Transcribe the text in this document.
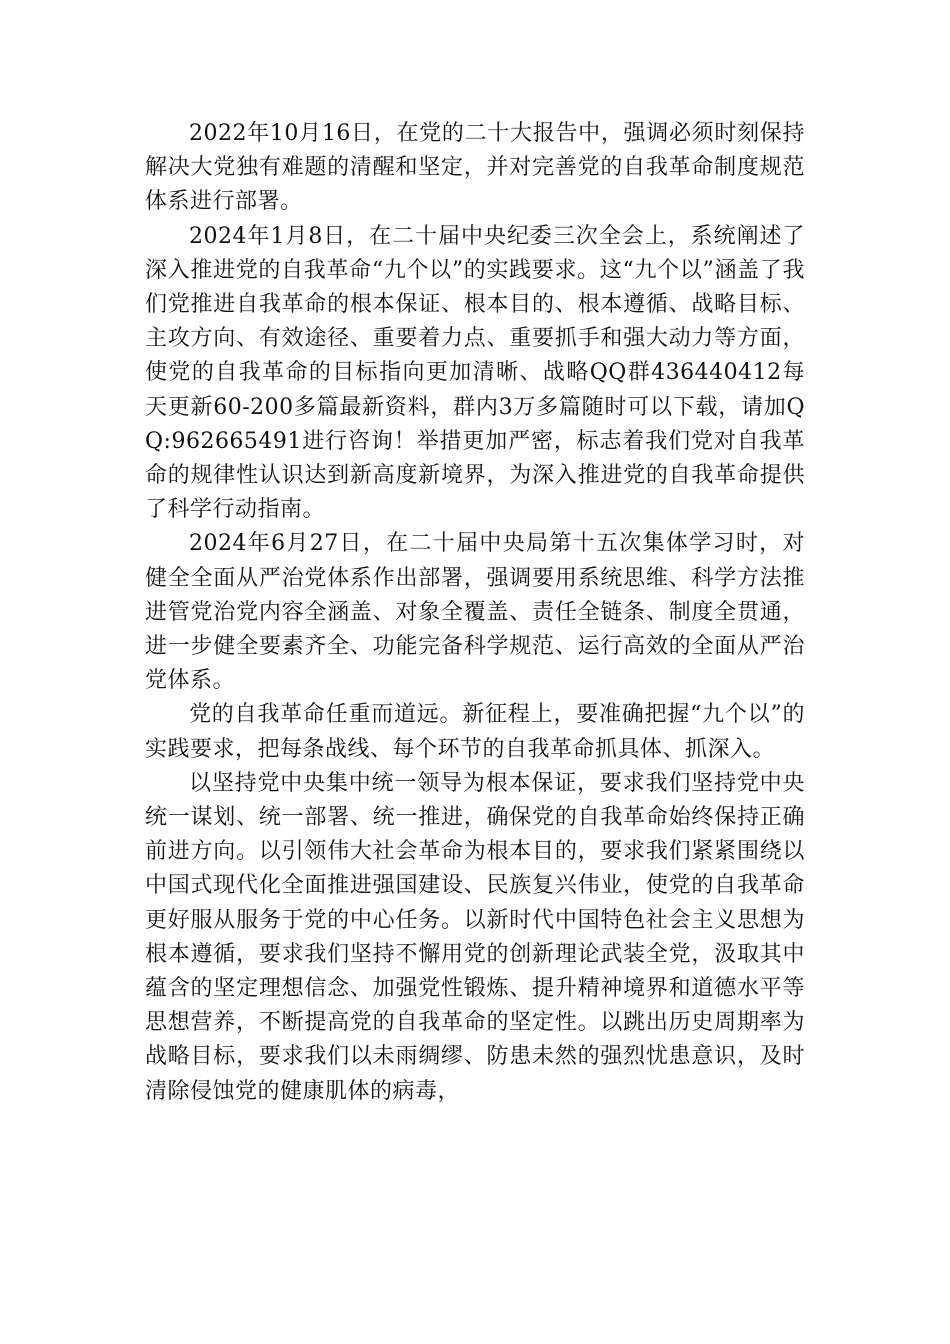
2022年10月16日，在党的二十大报告中，强调必须时刻保持解决大党独有难题的清醒和坚定，并对完善党的自我革命制度规范体系进行部署。

2024年1月8日，在二十届中央纪委三次全会上，系统阐述了深入推进党的自我革命“九个以”的实践要求。这“九个以”涵盖了我们党推进自我革命的根本保证、根本目的、根本遵循、战略目标、主攻方向、有效途径、重要着力点、重要抓手和强大动力等方面，使党的自我革命的目标指向更加清晰、战略QQ群436440412每天更新60-200多篇最新资料，群内3万多篇随时可以下载，请加QQ:962665491进行咨询！举措更加严密，标志着我们党对自我革命的规律性认识达到新高度新境界，为深入推进党的自我革命提供了科学行动指南。

2024年6月27日，在二十届中央局第十五次集体学习时，对健全全面从严治党体系作出部署，强调要用系统思维、科学方法推进管党治党内容全涵盖、对象全覆盖、责任全链条、制度全贯通，进一步健全要素齐全、功能完备科学规范、运行高效的全面从严治党体系。

党的自我革命任重而道远。新征程上，要准确把握“九个以”的实践要求，把每条战线、每个环节的自我革命抓具体、抓深入。

以坚持党中央集中统一领导为根本保证，要求我们坚持党中央统一谋划、统一部署、统一推进，确保党的自我革命始终保持正确前进方向。以引领伟大社会革命为根本目的，要求我们紧紧围绕以中国式现代化全面推进强国建设、民族复兴伟业，使党的自我革命更好服从服务于党的中心任务。以新时代中国特色社会主义思想为根本遵循，要求我们坚持不懈用党的创新理论武装全党，汲取其中蕴含的坚定理想信念、加强党性锻炼、提升精神境界和道德水平等思想营养，不断提高党的自我革命的坚定性。以跳出历史周期率为战略目标，要求我们以未雨绸缪、防患未然的强烈忧患意识，及时清除侵蚀党的健康肌体的病毒，
